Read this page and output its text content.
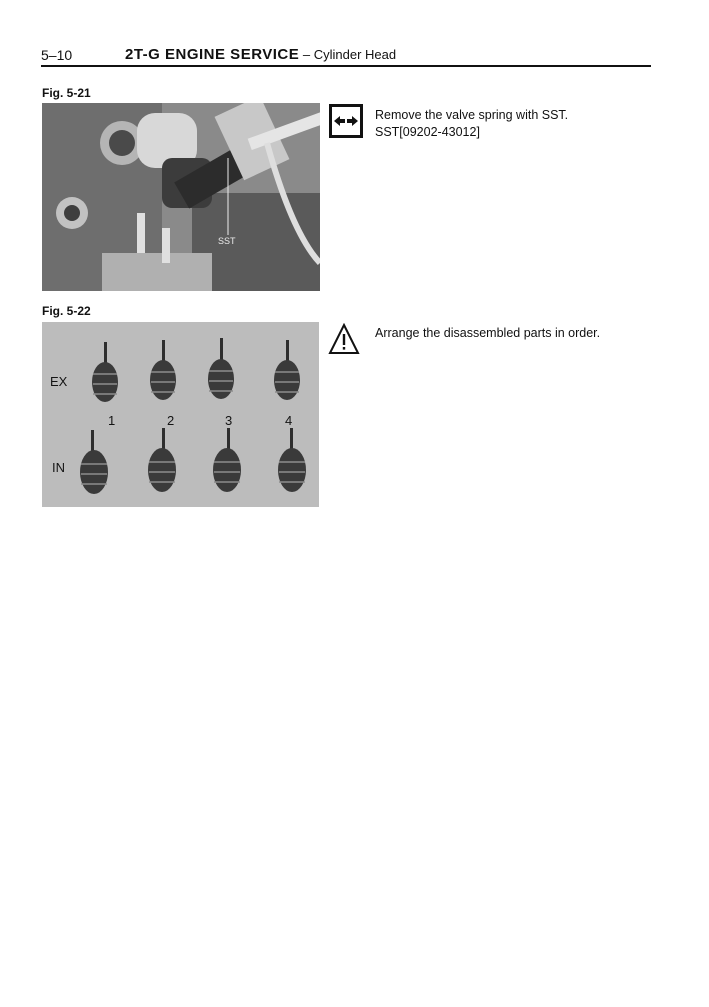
5–10	2T-G ENGINE SERVICE – Cylinder Head
Fig. 5-21
SST
Remove the valve spring with SST.
SST[09202-43012]
Fig. 5-22
EX
IN
1	2	3	4
Arrange the disassembled parts in order.
